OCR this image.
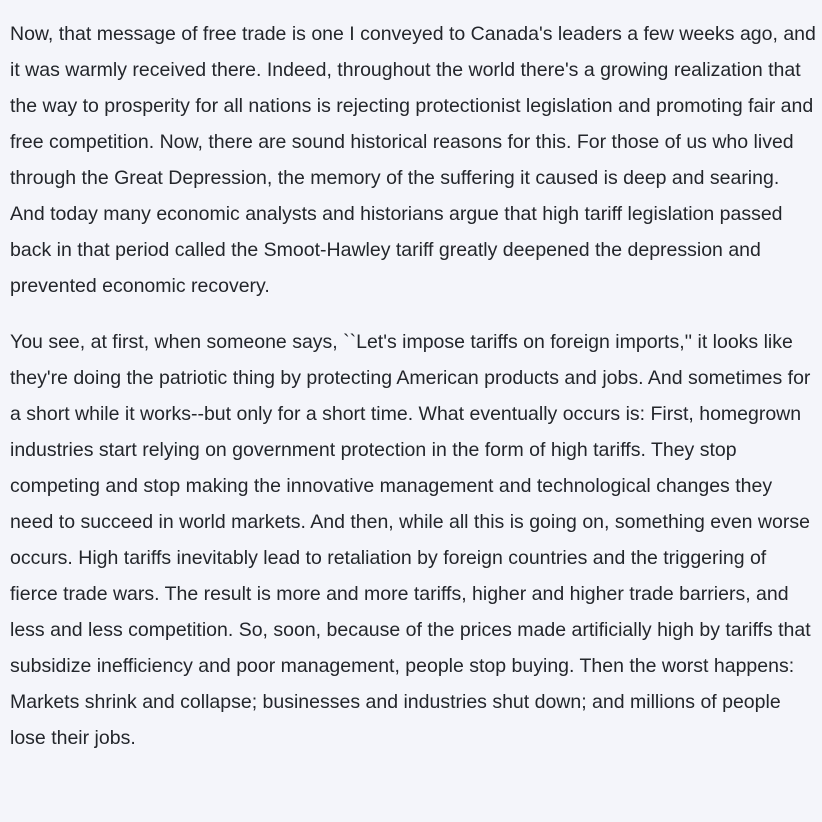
Now, that message of free trade is one I conveyed to Canada's leaders a few weeks ago, and it was warmly received there. Indeed, throughout the world there's a growing realization that the way to prosperity for all nations is rejecting protectionist legislation and promoting fair and free competition. Now, there are sound historical reasons for this. For those of us who lived through the Great Depression, the memory of the suffering it caused is deep and searing. And today many economic analysts and historians argue that high tariff legislation passed back in that period called the Smoot-Hawley tariff greatly deepened the depression and prevented economic recovery.

You see, at first, when someone says, ``Let's impose tariffs on foreign imports,'' it looks like they're doing the patriotic thing by protecting American products and jobs. And sometimes for a short while it works--but only for a short time. What eventually occurs is: First, homegrown industries start relying on government protection in the form of high tariffs. They stop competing and stop making the innovative management and technological changes they need to succeed in world markets. And then, while all this is going on, something even worse occurs. High tariffs inevitably lead to retaliation by foreign countries and the triggering of fierce trade wars. The result is more and more tariffs, higher and higher trade barriers, and less and less competition. So, soon, because of the prices made artificially high by tariffs that subsidize inefficiency and poor management, people stop buying. Then the worst happens: Markets shrink and collapse; businesses and industries shut down; and millions of people lose their jobs.
